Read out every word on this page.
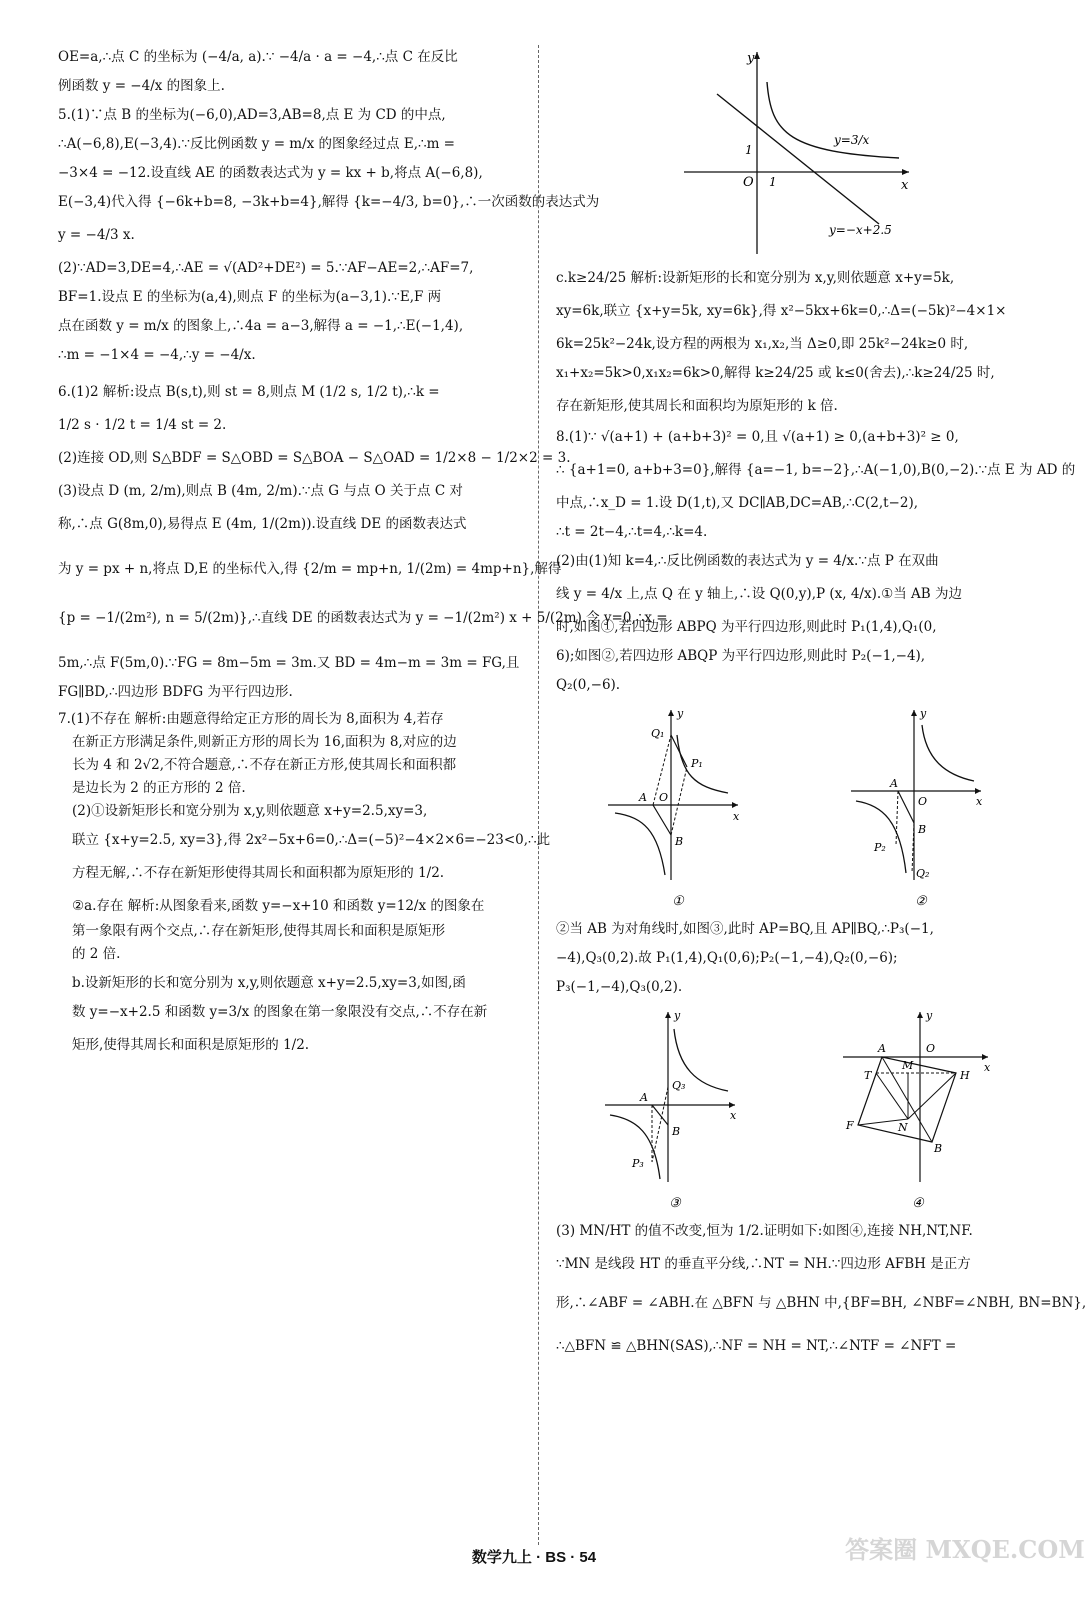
OE=a,∴点 C 的坐标为 (−4/a, a).∵ −4/a · a = −4,∴点 C 在反比
例函数 y = −4/x 的图象上.
5.(1)∵点 B 的坐标为(−6,0),AD=3,AB=8,点 E 为 CD 的中点,
∴A(−6,8),E(−3,4).∵反比例函数 y = m/x 的图象经过点 E,∴m =
−3×4 = −12.设直线 AE 的函数表达式为 y = kx + b,将点 A(−6,8),
E(−3,4)代入得 {−6k+b=8, −3k+b=4},解得 {k=−4/3, b=0},∴一次函数的表达式为
y = −4/3 x.
(2)∵AD=3,DE=4,∴AE = √(AD²+DE²) = 5.∵AF−AE=2,∴AF=7,
BF=1.设点 E 的坐标为(a,4),则点 F 的坐标为(a−3,1).∵E,F 两
点在函数 y = m/x 的图象上,∴4a = a−3,解得 a = −1,∴E(−1,4),
∴m = −1×4 = −4,∴y = −4/x.
6.(1)2 解析:设点 B(s,t),则 st = 8,则点 M (1/2 s, 1/2 t),∴k =
1/2 s · 1/2 t = 1/4 st = 2.
(2)连接 OD,则 S△BDF = S△OBD = S△BOA − S△OAD = 1/2×8 − 1/2×2 = 3.
(3)设点 D (m, 2/m),则点 B (4m, 2/m).∵点 G 与点 O 关于点 C 对
称,∴点 G(8m,0),易得点 E (4m, 1/(2m)).设直线 DE 的函数表达式
为 y = px + n,将点 D,E 的坐标代入,得 {2/m = mp+n, 1/(2m) = 4mp+n},解得
{p = −1/(2m²), n = 5/(2m)},∴直线 DE 的函数表达式为 y = −1/(2m²) x + 5/(2m).令 y=0,∴x =
5m,∴点 F(5m,0).∵FG = 8m−5m = 3m.又 BD = 4m−m = 3m = FG,且
FG∥BD,∴四边形 BDFG 为平行四边形.
7.(1)不存在 解析:由题意得给定正方形的周长为 8,面积为 4,若存
在新正方形满足条件,则新正方形的周长为 16,面积为 8,对应的边
长为 4 和 2√2,不符合题意,∴不存在新正方形,使其周长和面积都
是边长为 2 的正方形的 2 倍.
(2)①设新矩形长和宽分别为 x,y,则依题意 x+y=2.5,xy=3,
联立 {x+y=2.5, xy=3},得 2x²−5x+6=0,∴Δ=(−5)²−4×2×6=−23<0,∴此
方程无解,∴不存在新矩形使得其周长和面积都为原矩形的 1/2.
②a.存在 解析:从图象看来,函数 y=−x+10 和函数 y=12/x 的图象在
第一象限有两个交点,∴存在新矩形,使得其周长和面积是原矩形
的 2 倍.
b.设新矩形的长和宽分别为 x,y,则依题意 x+y=2.5,xy=3,如图,函
数 y=−x+2.5 和函数 y=3/x 的图象在第一象限没有交点,∴不存在新
矩形,使得其周长和面积是原矩形的 1/2.
y
x
O 1
1
y=3/x
y=−x+2.5
c.k≥24/25 解析:设新矩形的长和宽分别为 x,y,则依题意 x+y=5k,
xy=6k,联立 {x+y=5k, xy=6k},得 x²−5kx+6k=0,∴Δ=(−5k)²−4×1×
6k=25k²−24k,设方程的两根为 x₁,x₂,当 Δ≥0,即 25k²−24k≥0 时,
x₁+x₂=5k>0,x₁x₂=6k>0,解得 k≥24/25 或 k≤0(舍去),∴k≥24/25 时,
存在新矩形,使其周长和面积均为原矩形的 k 倍.
8.(1)∵ √(a+1) + (a+b+3)² = 0,且 √(a+1) ≥ 0,(a+b+3)² ≥ 0,
∴ {a+1=0, a+b+3=0},解得 {a=−1, b=−2},∴A(−1,0),B(0,−2).∵点 E 为 AD 的
中点,∴x_D = 1.设 D(1,t),又 DC∥AB,DC=AB,∴C(2,t−2),
∴t = 2t−4,∴t=4,∴k=4.
(2)由(1)知 k=4,∴反比例函数的表达式为 y = 4/x.∵点 P 在双曲
线 y = 4/x 上,点 Q 在 y 轴上,∴设 Q(0,y),P (x, 4/x).①当 AB 为边
时,如图①,若四边形 ABPQ 为平行四边形,则此时 P₁(1,4),Q₁(0,
6);如图②,若四边形 ABQP 为平行四边形,则此时 P₂(−1,−4),
Q₂(0,−6).
Q₁
P₁
A O
B
x
y
①
A
O
B
P₂
Q₂
x
y
②
②当 AB 为对角线时,如图③,此时 AP=BQ,且 AP∥BQ,∴P₃(−1,
−4),Q₃(0,2).故 P₁(1,4),Q₁(0,6);P₂(−1,−4),Q₂(0,−6);
P₃(−1,−4),Q₃(0,2).
A
Q₃
B
P₃
x
y
③
A	O
M
T	H
F	N
B
x
y
④
(3) MN/HT 的值不改变,恒为 1/2.证明如下:如图④,连接 NH,NT,NF.
∵MN 是线段 HT 的垂直平分线,∴NT = NH.∵四边形 AFBH 是正方
形,∴∠ABF = ∠ABH.在 △BFN 与 △BHN 中,{BF=BH, ∠NBF=∠NBH, BN=BN},
∴△BFN ≌ △BHN(SAS),∴NF = NH = NT,∴∠NTF = ∠NFT =
数学九上 · BS · 54	答案圈 MXQE.COM
